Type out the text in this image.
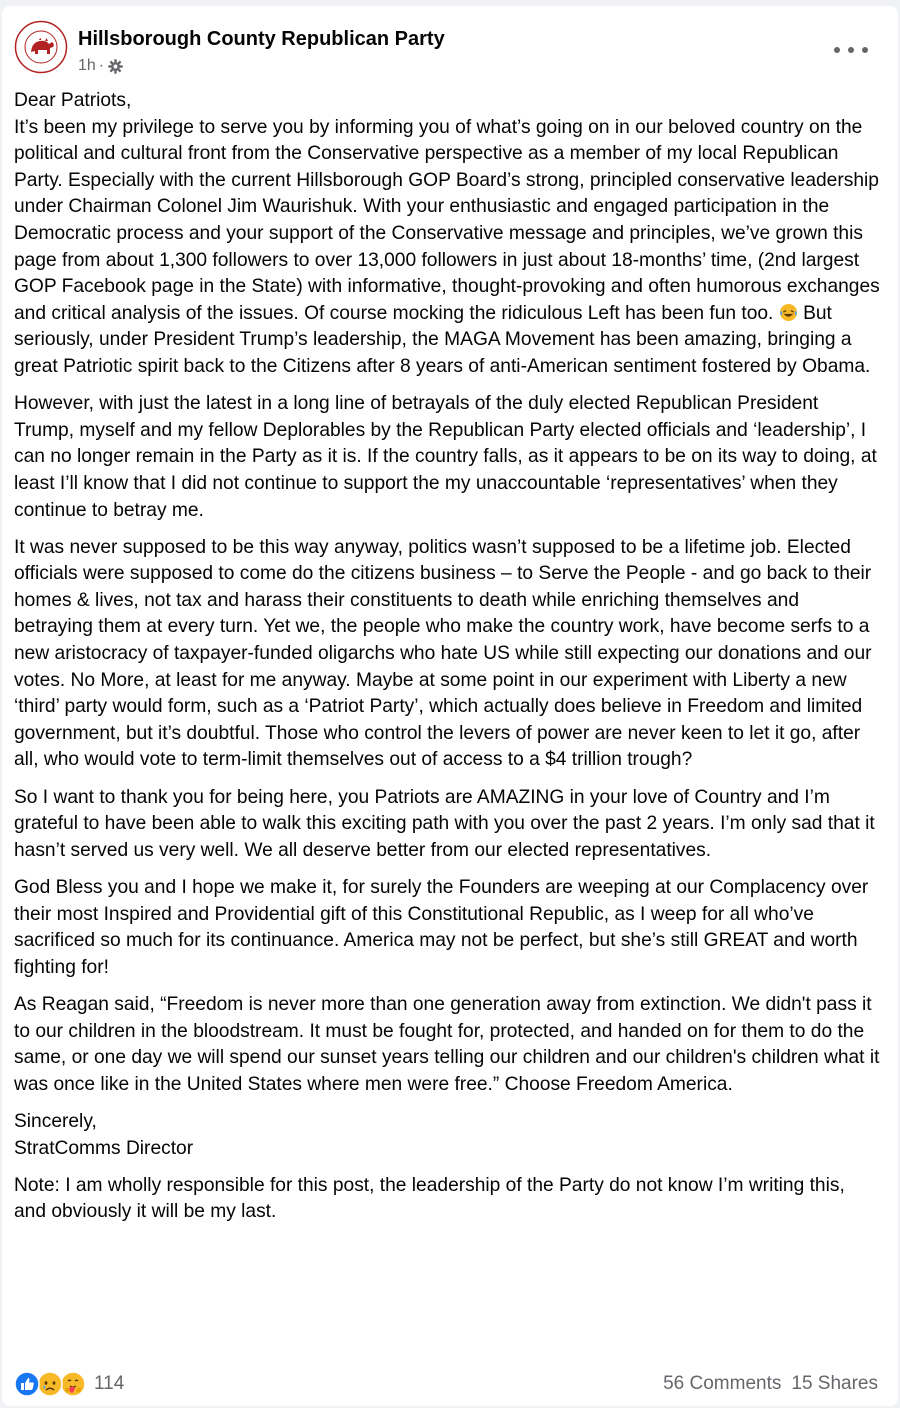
Hillsborough County Republican Party
1h ·

Dear Patriots,
It’s been my privilege to serve you by informing you of what’s going on in our beloved country on the political and cultural front from the Conservative perspective as a member of my local Republican Party. Especially with the current Hillsborough GOP Board’s strong, principled conservative leadership under Chairman Colonel Jim Waurishuk. With your enthusiastic and engaged participation in the Democratic process and your support of the Conservative message and principles, we’ve grown this page from about 1,300 followers to over 13,000 followers in just about 18-months’ time, (2nd largest GOP Facebook page in the State) with informative, thought-provoking and often humorous exchanges and critical analysis of the issues. Of course mocking the ridiculous Left has been fun too.  But seriously, under President Trump’s leadership, the MAGA Movement has been amazing, bringing a great Patriotic spirit back to the Citizens after 8 years of anti-American sentiment fostered by Obama.

However, with just the latest in a long line of betrayals of the duly elected Republican President Trump, myself and my fellow Deplorables by the Republican Party elected officials and ‘leadership’, I can no longer remain in the Party as it is. If the country falls, as it appears to be on its way to doing, at least I’ll know that I did not continue to support the my unaccountable ‘representatives’ when they continue to betray me.

It was never supposed to be this way anyway, politics wasn’t supposed to be a lifetime job. Elected officials were supposed to come do the citizens business – to Serve the People - and go back to their homes & lives, not tax and harass their constituents to death while enriching themselves and betraying them at every turn. Yet we, the people who make the country work, have become serfs to a new aristocracy of taxpayer-funded oligarchs who hate US while still expecting our donations and our votes. No More, at least for me anyway. Maybe at some point in our experiment with Liberty a new ‘third’ party would form, such as a ‘Patriot Party’, which actually does believe in Freedom and limited government, but it’s doubtful. Those who control the levers of power are never keen to let it go, after all, who would vote to term-limit themselves out of access to a $4 trillion trough?

So I want to thank you for being here, you Patriots are AMAZING in your love of Country and I’m grateful to have been able to walk this exciting path with you over the past 2 years. I’m only sad that it hasn’t served us very well. We all deserve better from our elected representatives.

God Bless you and I hope we make it, for surely the Founders are weeping at our Complacency over their most Inspired and Providential gift of this Constitutional Republic, as I weep for all who’ve sacrificed so much for its continuance. America may not be perfect, but she’s still GREAT and worth fighting for!

As Reagan said, “Freedom is never more than one generation away from extinction. We didn't pass it to our children in the bloodstream. It must be fought for, protected, and handed on for them to do the same, or one day we will spend our sunset years telling our children and our children's children what it was once like in the United States where men were free.” Choose Freedom America.

Sincerely,
StratComms Director

Note: I am wholly responsible for this post, the leadership of the Party do not know I’m writing this, and obviously it will be my last.

114	56 Comments 15 Shares
